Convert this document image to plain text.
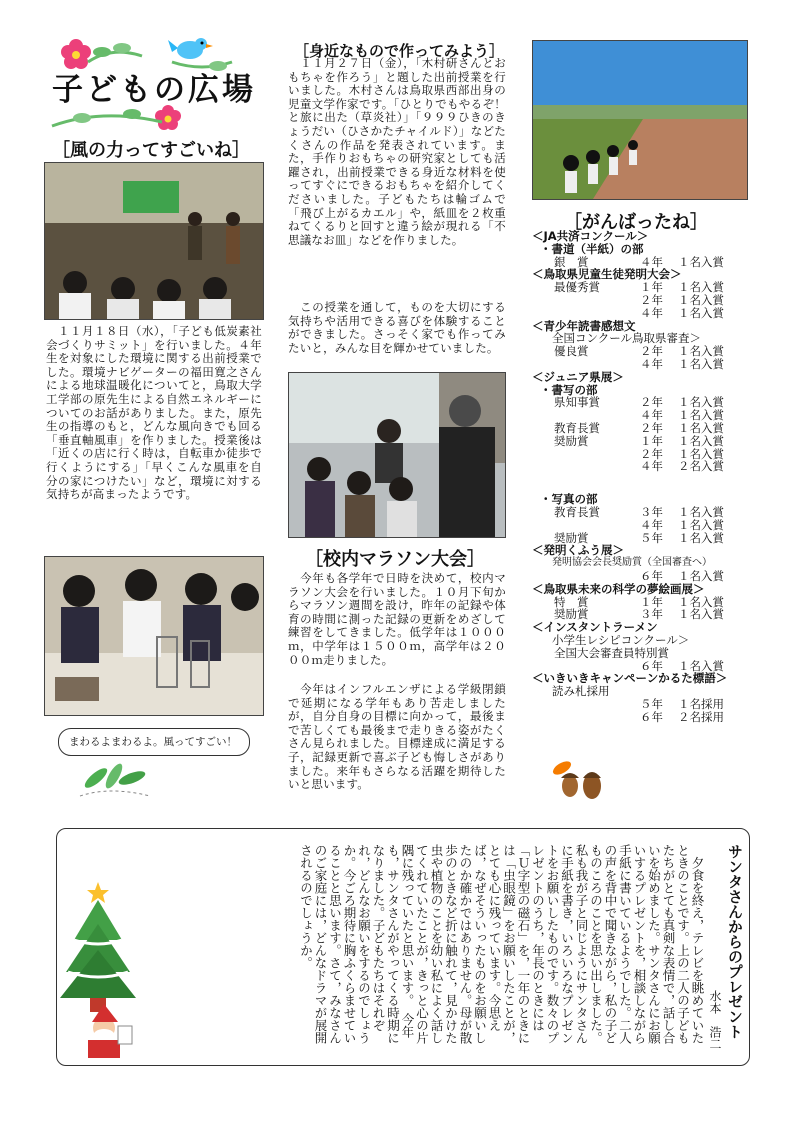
子どもの広場
［風の力ってすごいね］
　１１月１８日（水），「子ども低炭素社会づくりサミット」を行いました。４年生を対象にした環境に関する出前授業でした。環境ナビゲーターの福田寛之さんによる地球温暖化についてと，鳥取大学工学部の原先生による自然エネルギーについてのお話がありました。また，原先生の指導のもと，どんな風向きでも回る「垂直軸風車」を作りました。授業後は「近くの店に行く時は，自転車か徒歩で行くようにする」「早くこんな風車を自分の家につけたい」など，環境に対する気持ちが高まったようです。
まわるよまわるよ。風ってすごい！
［身近なもので作ってみよう］
　１１月２７日（金），「木村研さんとおもちゃを作ろう」と題した出前授業を行いました。木村さんは鳥取県西部出身の児童文学作家です。「ひとりでもやるぞ！と旅に出た（草炎社）」「９９９ひきのきょうだい（ひさかたチャイルド）」などたくさんの作品を発表されています。また，手作りおもちゃの研究家としても活躍され，出前授業できる身近な材料を使ってすぐにできるおもちゃを紹介してくださいました。子どもたちは輪ゴムで「飛び上がるカエル」や，紙皿を２枚重ねてくるりと回すと違う絵が現れる「不思議なお皿」などを作りました。
　この授業を通して，ものを大切にする気持ちや活用できる喜びを体験することができました。さっそく家でも作ってみたいと，みんな目を輝かせていました。
［校内マラソン大会］
　今年も各学年で日時を決めて，校内マラソン大会を行いました。１０月下旬からマラソン週間を設け，昨年の記録や体育の時間に測った記録の更新をめざして練習をしてきました。低学年は１０００ｍ，中学年は１５００ｍ，高学年は２０００ｍ走りました。
　今年はインフルエンザによる学級閉鎖で延期になる学年もあり苦走しましたが，自分自身の目標に向かって，最後まで苦しくても最後まで走りきる姿がたくさん見られました。目標達成に満足する子，記録更新で喜ぶ子ども悔しさがありました。来年もさらなる活躍を期待したいと思います。
［がんばったね］
＜JA共済コンクール＞
・書道（半紙）の部
銀　賞	４年	１名入賞
＜鳥取県児童生徒発明大会＞
最優秀賞	１年	１名入賞
２年	１名入賞
４年	１名入賞
＜青少年読書感想文
全国コンクール鳥取県審査＞
優良賞	２年	１名入賞
４年	１名入賞
＜ジュニア県展＞
・書写の部
県知事賞	２年	１名入賞
４年	１名入賞
教育長賞	２年	１名入賞
奨励賞	１年	１名入賞
２年	１名入賞
４年	２名入賞
・写真の部
教育長賞	３年	１名入賞
４年	１名入賞
奨励賞	５年	１名入賞
＜発明くふう展＞
発明協会会長奨励賞（全国審査へ）
６年	１名入賞
＜鳥取県未来の科学の夢絵画展＞
特　賞	１年	１名入賞
奨励賞	３年	１名入賞
＜インスタントラーメン
小学生レシピコンクール＞
全国大会審査員特別賞
６年	１名入賞
＜いきいきキャンペーンかるた標語＞
読み札採用
５年	１名採用
６年	２名採用
サンタさんからのプレゼント
水本　浩二
　夕食を終え，テレビを眺めていたときのことです。上の二人の子どもたちがとても真剣な表情で，話し合いを始めました。サンタさんにお願いするプレゼントを，相談しながら手紙に書いているようでした。二人の声を背中で聞きながら，私の子どものころのことを思い出しました。　私も我が子と同じようにサンタさんに手紙を書き，いろいろなプレゼントをお願いしたものです。数々のプレゼントのうち，年長のときには「Ｕ字型の磁石」を，一年のときには「虫眼鏡」をお願いしたことが，とても心に残っています。今思えば，なぜそういったものをお願いしたのか確かではありません。母が散歩のときなど折に触れて，見かけた虫や植物のことを幼い私によく話してくれていたことが，きっと心の片隅に残っていたと思います。　今年も，サンタさんがやってくる時期になりました。子どもたちはそれぞれ，どんなお願いをするのでしょうか。今ごろ期待に胸ふくらませていることと思います。さて，みなさんのご家庭には，どんなドラマが展開されるのでしょうか。
